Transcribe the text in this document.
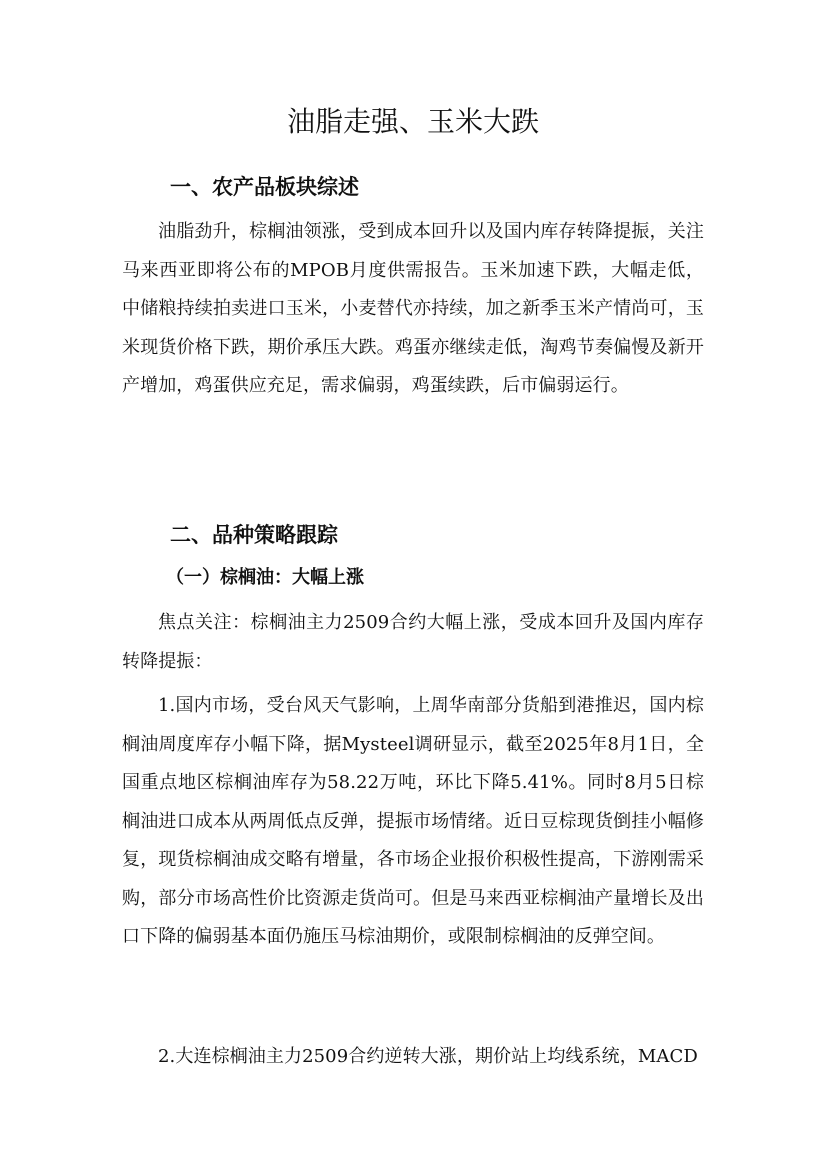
油脂走强、玉米大跌
一、农产品板块综述

油脂劲升，棕榈油领涨，受到成本回升以及国内库存转降提振，关注马来西亚即将公布的MPOB月度供需报告。玉米加速下跌，大幅走低，中储粮持续拍卖进口玉米，小麦替代亦持续，加之新季玉米产情尚可，玉米现货价格下跌，期价承压大跌。鸡蛋亦继续走低，淘鸡节奏偏慢及新开产增加，鸡蛋供应充足，需求偏弱，鸡蛋续跌，后市偏弱运行。

二、品种策略跟踪
（一）棕榈油：大幅上涨

焦点关注：棕榈油主力2509合约大幅上涨，受成本回升及国内库存转降提振：

1.国内市场，受台风天气影响，上周华南部分货船到港推迟，国内棕榈油周度库存小幅下降，据Mysteel调研显示，截至2025年8月1日，全国重点地区棕榈油库存为58.22万吨，环比下降5.41%。同时8月5日棕榈油进口成本从两周低点反弹，提振市场情绪。近日豆棕现货倒挂小幅修复，现货棕榈油成交略有增量，各市场企业报价积极性提高，下游刚需采购，部分市场高性价比资源走货尚可。但是马来西亚棕榈油产量增长及出口下降的偏弱基本面仍施压马棕油期价，或限制棕榈油的反弹空间。

2.大连棕榈油主力2509合约逆转大涨，期价站上均线系统，MACD
